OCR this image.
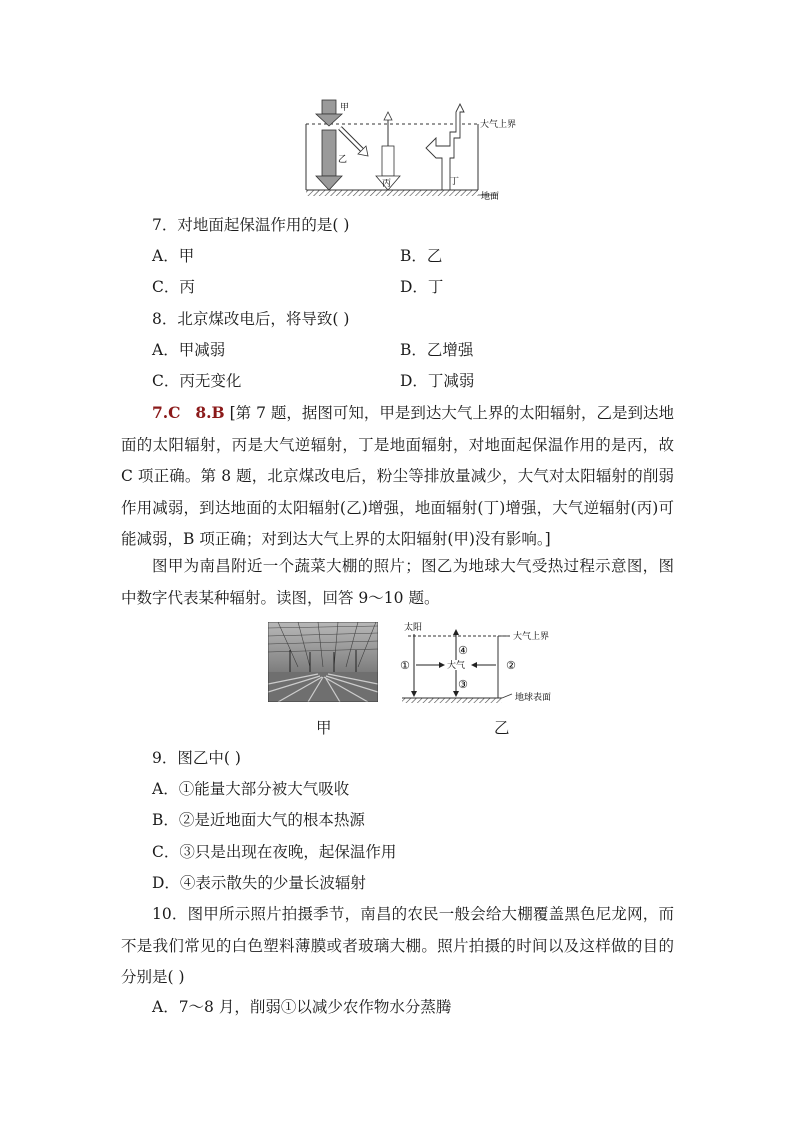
甲
乙
丙	丁
大气上界
地面
7．对地面起保温作用的是( )
A．甲	B．乙
C．丙	D．丁
8．北京煤改电后，将导致( )
A．甲减弱	B．乙增强
C．丙无变化	D．丁减弱
7.C 8.B [第 7 题，据图可知，甲是到达大气上界的太阳辐射，乙是到达地面的太阳辐射，丙是大气逆辐射，丁是地面辐射，对地面起保温作用的是丙，故 C 项正确。第 8 题，北京煤改电后，粉尘等排放量减少，大气对太阳辐射的削弱作用减弱，到达地面的太阳辐射(乙)增强，地面辐射(丁)增强，大气逆辐射(丙)可能减弱，B 项正确；对到达大气上界的太阳辐射(甲)没有影响。]
图甲为南昌附近一个蔬菜大棚的照片；图乙为地球大气受热过程示意图，图中数字代表某种辐射。读图，回答 9～10 题。
甲
太阳
大气上界
大气
地球表面
①	②
③
④
乙
9．图乙中( )
A．①能量大部分被大气吸收
B．②是近地面大气的根本热源
C．③只是出现在夜晚，起保温作用
D．④表示散失的少量长波辐射
10．图甲所示照片拍摄季节，南昌的农民一般会给大棚覆盖黑色尼龙网，而不是我们常见的白色塑料薄膜或者玻璃大棚。照片拍摄的时间以及这样做的目的分别是( )
A．7～8 月，削弱①以减少农作物水分蒸腾
